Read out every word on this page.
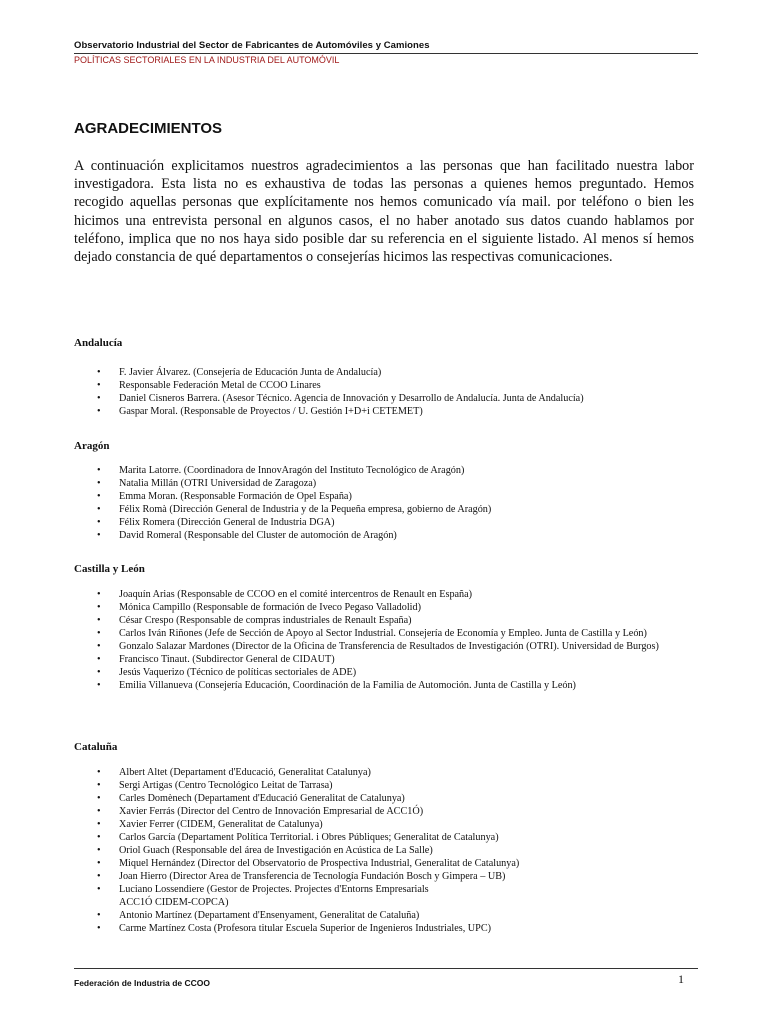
Observatorio Industrial del Sector de Fabricantes de Automóviles y Camiones
POLÍTICAS SECTORIALES EN LA INDUSTRIA DEL AUTOMÓVIL
AGRADECIMIENTOS
A continuación explicitamos nuestros agradecimientos a las personas que han facilitado nuestra labor investigadora. Esta lista no es exhaustiva de todas las personas a quienes hemos preguntado. Hemos recogido aquellas personas que explícitamente nos hemos comunicado vía mail. por teléfono o bien les hicimos una entrevista personal en algunos casos, el no haber anotado sus datos cuando hablamos por teléfono, implica que no nos haya sido posible dar su referencia en el siguiente listado. Al menos sí hemos dejado constancia de qué departamentos o consejerías hicimos las respectivas comunicaciones.
Andalucía
• F. Javier Álvarez. (Consejería de Educación Junta de Andalucía)
• Responsable Federación Metal de CCOO Linares
• Daniel Cisneros Barrera. (Asesor Técnico. Agencia de Innovación y Desarrollo de Andalucía. Junta de Andalucía)
• Gaspar Moral. (Responsable de Proyectos / U. Gestión I+D+i CETEMET)
Aragón
• Marita Latorre. (Coordinadora de InnovAragón del Instituto Tecnológico de Aragón)
• Natalia Millán (OTRI Universidad de Zaragoza)
• Emma Moran. (Responsable Formación de Opel España)
• Félix Romà (Dirección General de Industria y de la Pequeña empresa, gobierno de Aragón)
• Félix Romera (Dirección General de Industria DGA)
• David Romeral (Responsable del Cluster de automoción de Aragón)
Castilla y León
• Joaquín Arias (Responsable de CCOO en el comité intercentros de Renault en España)
• Mónica Campillo (Responsable de formación de Iveco Pegaso Valladolid)
• César Crespo (Responsable de compras industriales de Renault España)
• Carlos Iván Riñones (Jefe de Sección de Apoyo al Sector Industrial. Consejería de Economía y Empleo. Junta de Castilla y León)
• Gonzalo Salazar Mardones (Director de la Oficina de Transferencia de Resultados de Investigación (OTRI). Universidad de Burgos)
• Francisco Tinaut. (Subdirector General de CIDAUT)
• Jesús Vaquerizo (Técnico de políticas sectoriales de ADE)
• Emilia Villanueva (Consejería Educación, Coordinación de la Familia de Automoción. Junta de Castilla y León)
Cataluña
• Albert Altet (Departament d'Educació, Generalitat Catalunya)
• Sergi Artigas (Centro Tecnológico Leitat de Tarrasa)
• Carles Domènech (Departament d'Educació Generalitat de Catalunya)
• Xavier Ferrás (Director del Centro de Innovación Empresarial de ACC1Ó)
• Xavier Ferrer (CIDEM, Generalitat de Catalunya)
• Carlos García (Departament Política Territorial. i Obres Públiques; Generalitat de Catalunya)
• Oriol Guach (Responsable del área de Investigación en Acústica de La Salle)
• Miquel Hernández (Director del Observatorio de Prospectiva Industrial, Generalitat de Catalunya)
• Joan Hierro (Director Area de Transferencia de Tecnología Fundación Bosch y Gimpera – UB)
• Luciano Lossendiere (Gestor de Projectes. Projectes d'Entorns Empresarials ACC1Ó CIDEM-COPCA)
• Antonio Martínez (Departament d'Ensenyament, Generalitat de Cataluña)
• Carme Martínez Costa (Profesora titular Escuela Superior de Ingenieros Industriales, UPC)
Federación de Industria de CCOO	1
